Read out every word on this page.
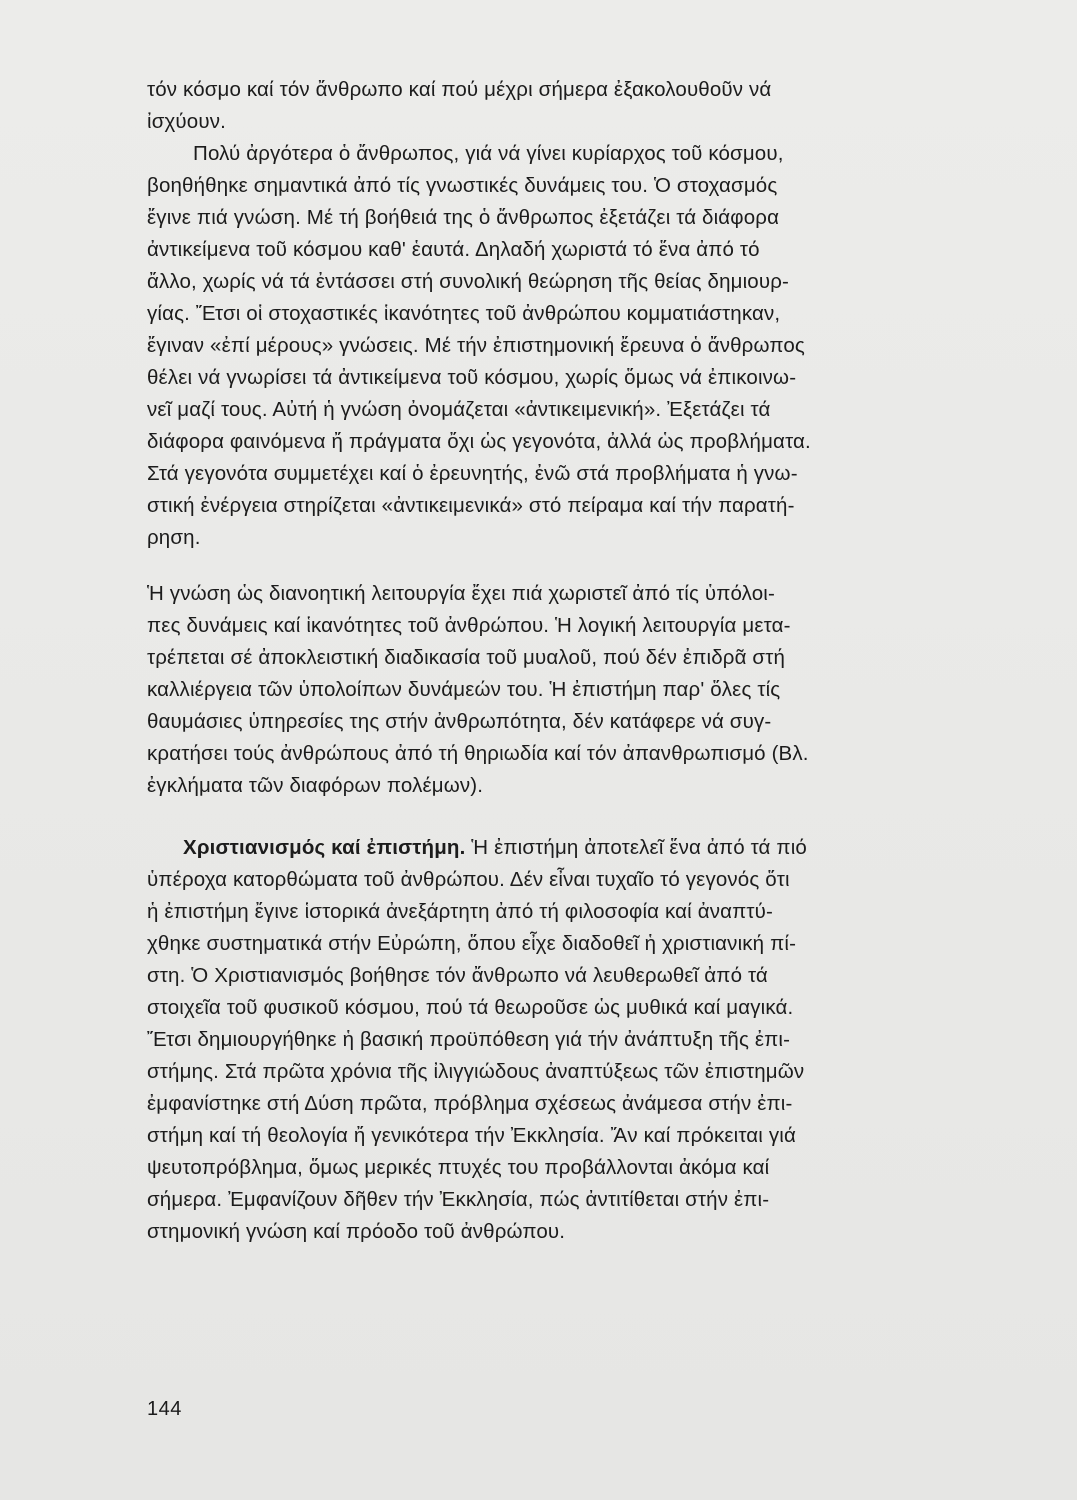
τόν κόσμο καί τόν ἄνθρωπο καί πού μέχρι σήμερα ἐξακολουθοῦν νά
ἰσχύουν.

Πολύ ἀργότερα ὁ ἄνθρωπος, γιά νά γίνει κυρίαρχος τοῦ κόσμου,
βοηθήθηκε σημαντικά ἀπό τίς γνωστικές δυνάμεις του. Ὁ στοχασμός
ἔγινε πιά γνώση. Μέ τή βοήθειά της ὁ ἄνθρωπος ἐξετάζει τά διάφορα
ἀντικείμενα τοῦ κόσμου καθ' ἑαυτά. Δηλαδή χωριστά τό ἕνα ἀπό τό
ἄλλο, χωρίς νά τά ἐντάσσει στή συνολική θεώρηση τῆς θείας δημιουρ-
γίας. Ἔτσι οἱ στοχαστικές ἱκανότητες τοῦ ἀνθρώπου κομματιάστηκαν,
ἔγιναν «ἐπί μέρους» γνώσεις. Μέ τήν ἐπιστημονική ἔρευνα ὁ ἄνθρωπος
θέλει νά γνωρίσει τά ἀντικείμενα τοῦ κόσμου, χωρίς ὅμως νά ἐπικοινω-
νεῖ μαζί τους. Αὐτή ἡ γνώση ὀνομάζεται «ἀντικειμενική». Ἐξετάζει τά
διάφορα φαινόμενα ἤ πράγματα ὄχι ὡς γεγονότα, ἀλλά ὡς προβλήματα.
Στά γεγονότα συμμετέχει καί ὁ ἐρευνητής, ἐνῶ στά προβλήματα ἡ γνω-
στική ἐνέργεια στηρίζεται «ἀντικειμενικά» στό πείραμα καί τήν παρατή-
ρηση.

Ἡ γνώση ὡς διανοητική λειτουργία ἔχει πιά χωριστεῖ ἀπό τίς ὑπόλοι-
πες δυνάμεις καί ἱκανότητες τοῦ ἀνθρώπου. Ἡ λογική λειτουργία μετα-
τρέπεται σέ ἀποκλειστική διαδικασία τοῦ μυαλοῦ, πού δέν ἐπιδρᾶ στή
καλλιέργεια τῶν ὑπολοίπων δυνάμεών του. Ἡ ἐπιστήμη παρ' ὅλες τίς
θαυμάσιες ὑπηρεσίες της στήν ἀνθρωπότητα, δέν κατάφερε νά συγ-
κρατήσει τούς ἀνθρώπους ἀπό τή θηριωδία καί τόν ἀπανθρωπισμό (Βλ.
ἐγκλήματα τῶν διαφόρων πολέμων).

Χριστιανισμός καί ἐπιστήμη. Ἡ ἐπιστήμη ἀποτελεῖ ἕνα ἀπό τά πιό
ὑπέροχα κατορθώματα τοῦ ἀνθρώπου. Δέν εἶναι τυχαῖο τό γεγονός ὅτι
ἡ ἐπιστήμη ἔγινε ἱστορικά ἀνεξάρτητη ἀπό τή φιλοσοφία καί ἀναπτύ-
χθηκε συστηματικά στήν Εὐρώπη, ὅπου εἶχε διαδοθεῖ ἡ χριστιανική πί-
στη. Ὁ Χριστιανισμός βοήθησε τόν ἄνθρωπο νά λευθερωθεῖ ἀπό τά
στοιχεῖα τοῦ φυσικοῦ κόσμου, πού τά θεωροῦσε ὡς μυθικά καί μαγικά.
Ἔτσι δημιουργήθηκε ἡ βασική προϋπόθεση γιά τήν ἀνάπτυξη τῆς ἐπι-
στήμης. Στά πρῶτα χρόνια τῆς ἰλιγγιώδους ἀναπτύξεως τῶν ἐπιστημῶν
ἐμφανίστηκε στή Δύση πρῶτα, πρόβλημα σχέσεως ἀνάμεσα στήν ἐπι-
στήμη καί τή θεολογία ἤ γενικότερα τήν Ἐκκλησία. Ἄν καί πρόκειται γιά
ψευτοπρόβλημα, ὅμως μερικές πτυχές του προβάλλονται ἀκόμα καί
σήμερα. Ἐμφανίζουν δῆθεν τήν Ἐκκλησία, πώς ἀντιτίθεται στήν ἐπι-
στημονική γνώση καί πρόοδο τοῦ ἀνθρώπου.

144
